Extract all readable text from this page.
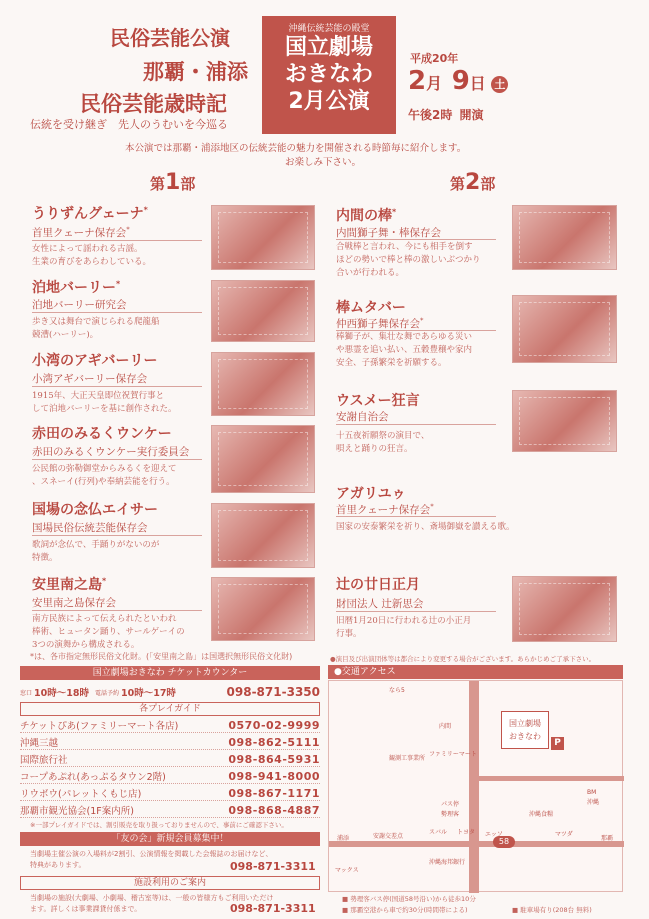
民俗芸能公演
那覇・浦添
民俗芸能歳時記
伝統を受け継ぎ　先人のうむいを今巡る
沖縄伝統芸能の殿堂
国立劇場
おきなわ
2月公演
平成20年
2月 9日 土
午後2時 開演
本公演では那覇・浦添地区の伝統芸能の魅力を開催される時節毎に紹介します。
お楽しみ下さい。
第1部	第2部
うりずんグェーナ*
首里クェーナ保存会*
女性によって謡われる古謡。
生業の育びをあらわしている。
泊地バーリー*
泊地バーリー研究会
歩き又は舞台で演じられる爬龍船
競漕(ハーリー)。
小湾のアギバーリー
小湾アギバーリー保存会
1915年、大正天皇即位祝賀行事と
して泊地バーリーを基に創作された。
赤田のみるくウンケー
赤田のみるくウンケー実行委員会
公民館の弥勒御堂からみるくを迎えて
、スネーイ(行列)や奉納芸能を行う。
国場の念仏エイサー
国場民俗伝統芸能保存会
歌詞が念仏で、手踊りがないのが
特徴。
安里南之島*
安里南之島保存会
南方民族によって伝えられたといわれ
棒術、ヒュータン踊り、サールゲーイの
3つの演舞から構成される。
内間の棒*
内間獅子舞・棒保存会
合戦棒と言われ、今にも相手を倒す
ほどの勢いで棒と棒の激しいぶつかり
合いが行われる。
棒ムタバー
仲西獅子舞保存会*
棒獅子が、集壮な舞であらゆる災い
や悪霊を追い払い、五穀豊穣や家内
安全、子孫繁栄を祈願する。
ウスメー狂言
安謝自治会
十五夜祈願祭の演目で、
唄えと踊りの狂言。
アガリユゥ
首里クェーナ保存会*
国家の安泰繁栄を祈り、斎場御嶽を讃える歌。
辻の廿日正月
財団法人 辻新思会
旧暦1月20日に行われる辻の小正月
行事。
*は、各市指定無形民俗文化財。(「安里南之島」は国選択無形民俗文化財)
国立劇場おきなわ チケットカウンター
窓口 10時〜18時 電話予約 10時〜17時	098-871-3350
各プレイガイド
チケットぴあ(ファミリーマート各店)	0570-02-9999
沖縄三越	098-862-5111
国際旅行社	098-864-5931
コープあぷれ(あっぷるタウン2階)	098-941-8000
リウボウ(パレットくもじ店)	098-867-1171
那覇市観光協会(1F案内所)	098-868-4887
※一部プレイガイドでは、割引販売を取り扱っておりませんので、事前にご確認下さい。
「友の会」新規会員募集中！
当劇場主催公演の入場料が2割引、公演情報を掲載した会報誌のお届けなど、
特典があります。	098-871-3311
施設利用のご案内
当劇場の施設(大劇場、小劇場、稽古室等)は、一般の皆様方もご利用いただけ
ます。詳しくは事業課貸付係まで。	098-871-3311
●演目及び出演団体等は都合により変更する場合がございます。あらかじめご了承下さい。
●交通アクセス
国立劇場
おきなわ
P
58
なら5
内間
観測工事業所
ファミリーマート
パス停
勢理客
スバル トヨタ エッソ	マツダ
沖縄食糧
沖縄海邦銀行
マックス
安謝交差点
浦添	那覇
BM
沖縄
■ 勢理客バス停(国道58号沿い)から徒歩10分
■ 那覇空港から車で約30分(時間帯による)	■ 駐車場有り(208台 無料)
